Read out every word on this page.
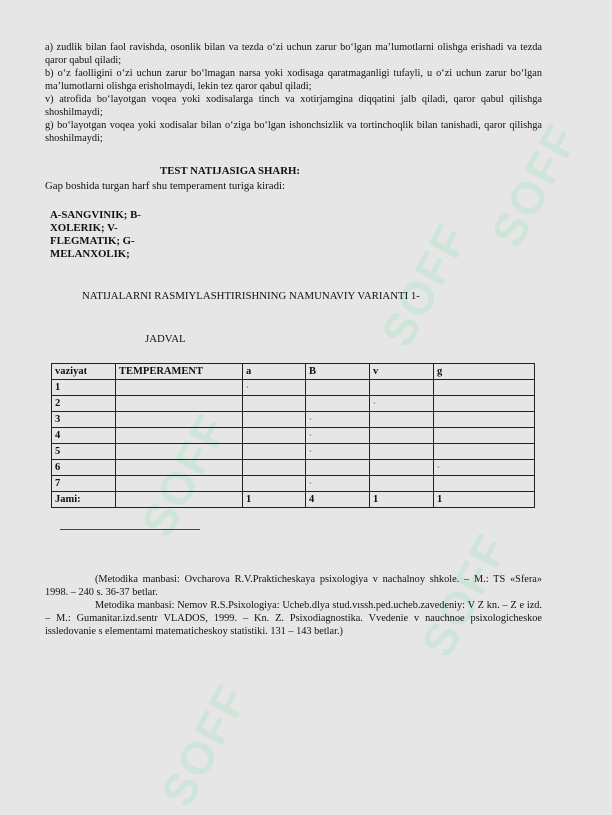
SOFF
SOFF
SOFF
SOFF
SOFF

a) zudlik bilan faol ravishda, osonlik bilan va tezda o‘zi uchun zarur bo‘lgan ma’lumotlarni olishga erishadi va tezda qaror qabul qiladi;

b) o‘z faolligini o‘zi uchun zarur bo‘lmagan narsa yoki xodisaga qaratmaganligi tufayli, u o‘zi uchun zarur bo‘lgan ma’lumotlarni olishga erisholmaydi, lekin tez qaror qabul qiladi;

v) atrofida bo‘layotgan voqea yoki xodisalarga tinch va xotirjamgina diqqatini jalb qiladi, qaror qabul qilishga shoshilmaydi;

g) bo‘layotgan voqea yoki xodisalar bilan o‘ziga bo‘lgan ishonchsizlik va tortinchoqlik bilan tanishadi, qaror qilishga shoshilmaydi;

TEST NATIJASIGA SHARH:
Gap boshida turgan harf shu temperament turiga kiradi:
A-SANGVINIK; B-XOLERIK; V-FLEGMATIK; G-MELANXOLIK;
NATIJALARNI RASMIYLASHTIRISHNING NAMUNAVIY VARIANTI 1-
JADVAL
vaziyat	TEMPERAMENT	a	B	v	g
1		·			
2				·	
3			·		
4			·		
5			·		
6					·
7			·		
Jami:		1	4	1	1

(Metodika manbasi: Ovcharova R.V.Prakticheskaya psixologiya v nachalnoy shkole. – M.: TS «Sfera» 1998. – 240 s. 36-37 betlar.

Metodika manbasi: Nemov R.S.Psixologiya: Ucheb.dlya stud.vıssh.ped.ucheb.zavedeniy: V Z kn. – Z e izd. – M.: Gumanitar.izd.sentr VLADOS, 1999. – Kn. Z. Psixodiagnostika. Vvedenie v nauchnoe psixologicheskoe issledovanie s elementami matematicheskoy statistiki. 131 – 143 betlar.)
